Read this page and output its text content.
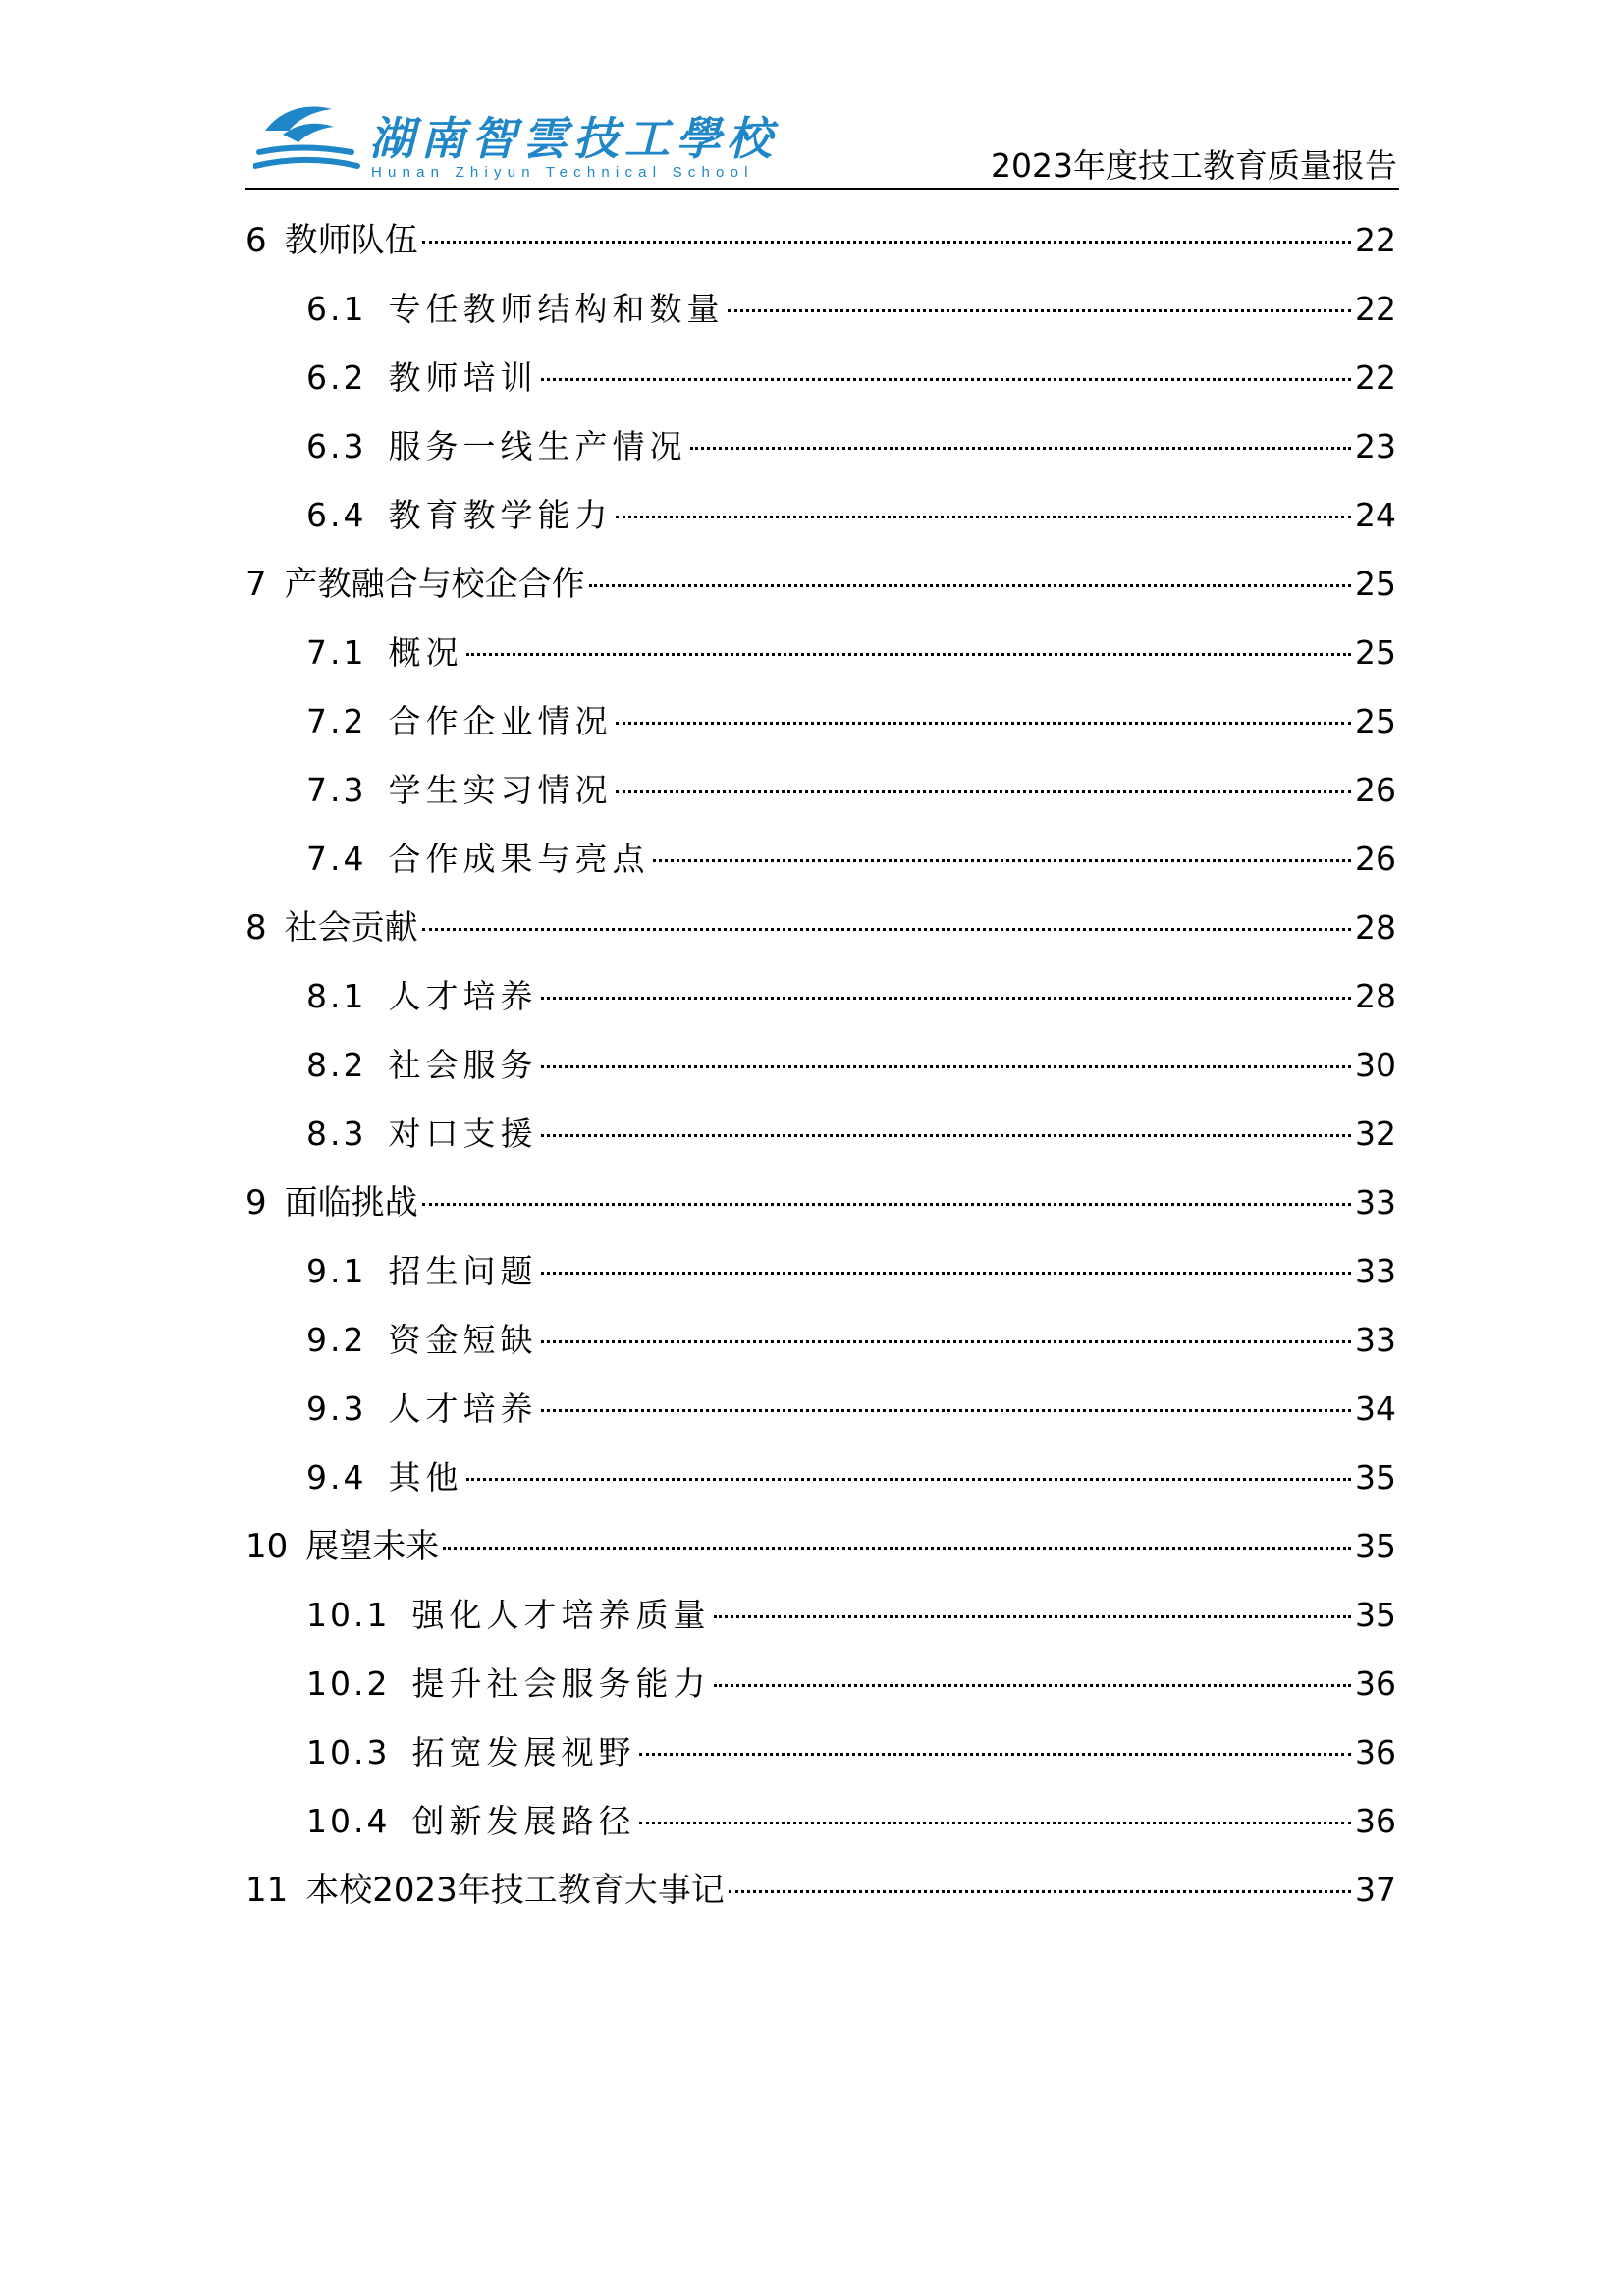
湖南智雲技工學校
Hunan Zhiyun Technical School	2023年度技工教育质量报告
6 教师队伍	22
6.1 专任教师结构和数量	22
6.2 教师培训	22
6.3 服务一线生产情况	23
6.4 教育教学能力	24
7 产教融合与校企合作	25
7.1 概况	25
7.2 合作企业情况	25
7.3 学生实习情况	26
7.4 合作成果与亮点	26
8 社会贡献	28
8.1 人才培养	28
8.2 社会服务	30
8.3 对口支援	32
9 面临挑战	33
9.1 招生问题	33
9.2 资金短缺	33
9.3 人才培养	34
9.4 其他	35
10 展望未来	35
10.1 强化人才培养质量	35
10.2 提升社会服务能力	36
10.3 拓宽发展视野	36
10.4 创新发展路径	36
11 本校2023年技工教育大事记	37
